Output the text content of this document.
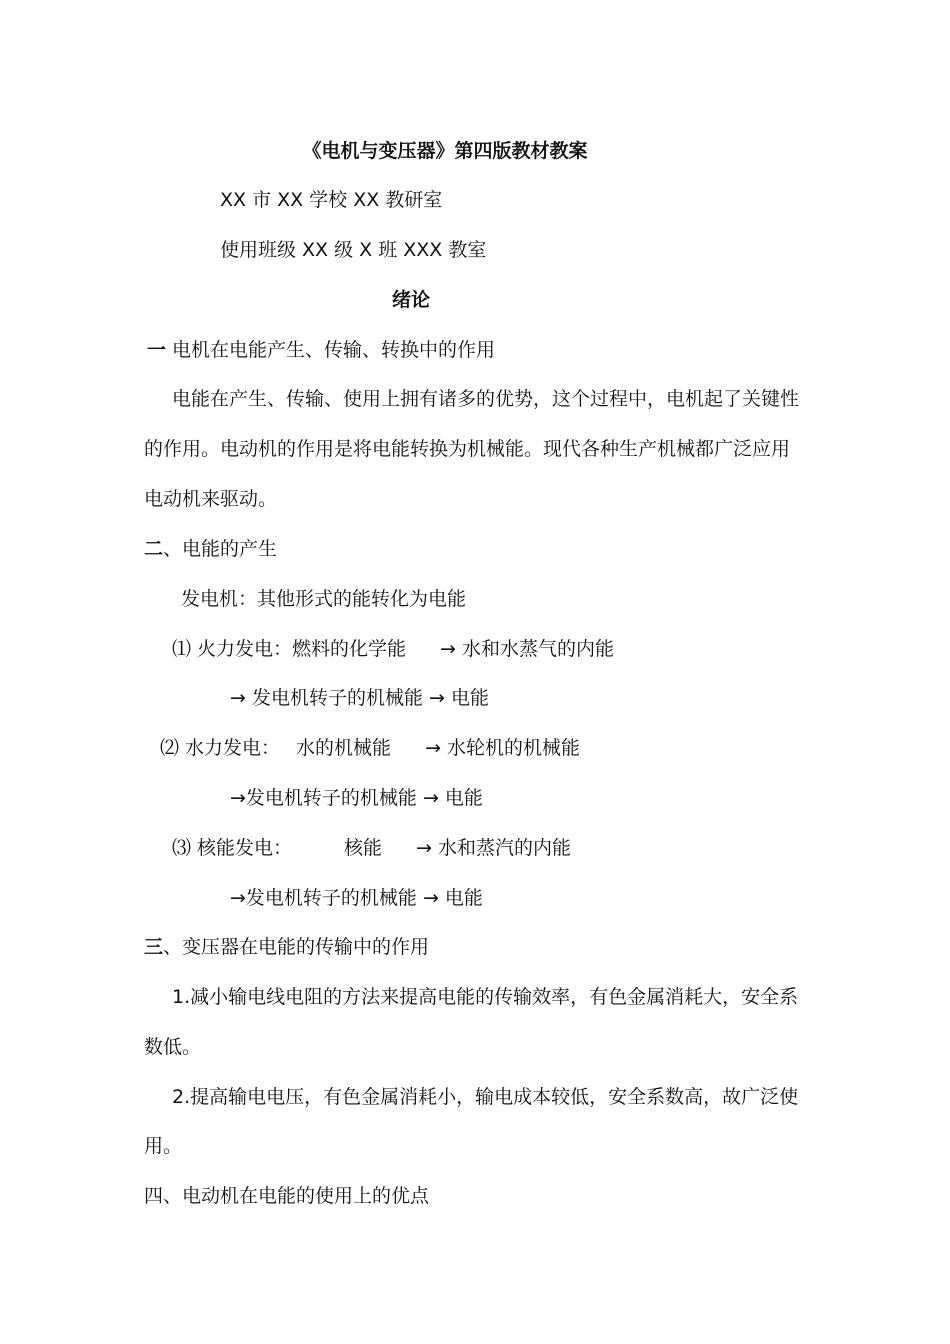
《电机与变压器》第四版教材教案
XX 市 XX 学校 XX 教研室
使用班级 XX 级 X 班 XXX 教室
绪论
一 电机在电能产生、传输、转换中的作用
电能在产生、传输、使用上拥有诸多的优势，这个过程中，电机起了关键性
的作用。电动机的作用是将电能转换为机械能。现代各种生产机械都广泛应用
电动机来驱动。
二、电能的产生
发电机：其他形式的能转化为电能
⑴ 火力发电：燃料的化学能 → 水和水蒸气的内能
→ 发电机转子的机械能 → 电能
⑵ 水力发电： 水的机械能 → 水轮机的机械能
→发电机转子的机械能 → 电能
⑶ 核能发电：	核能 → 水和蒸汽的内能
→发电机转子的机械能 → 电能
三、变压器在电能的传输中的作用
1.减小输电线电阻的方法来提高电能的传输效率，有色金属消耗大，安全系
数低。
2.提高输电电压，有色金属消耗小，输电成本较低，安全系数高，故广泛使
用。
四、电动机在电能的使用上的优点
